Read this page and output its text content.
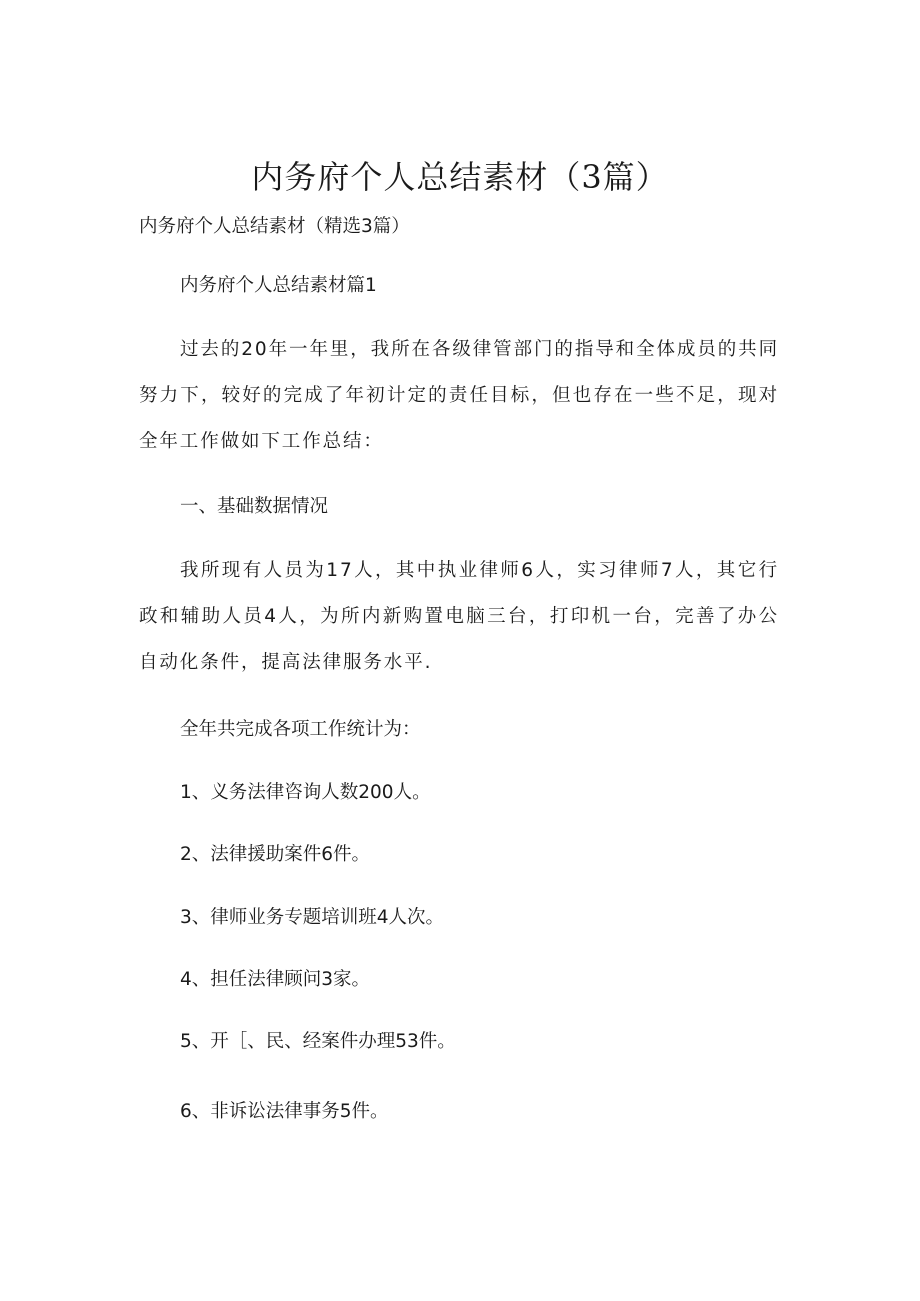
内务府个人总结素材（3篇）

内务府个人总结素材（精选3篇）

内务府个人总结素材篇1

过去的20年一年里，我所在各级律管部门的指导和全体成员的共同努力下，较好的完成了年初计定的责任目标，但也存在一些不足，现对全年工作做如下工作总结：

一、基础数据情况

我所现有人员为17人，其中执业律师6人，实习律师7人，其它行政和辅助人员4人，为所内新购置电脑三台，打印机一台，完善了办公自动化条件，提高法律服务水平.

全年共完成各项工作统计为：

1、义务法律咨询人数200人。

2、法律援助案件6件。

3、律师业务专题培训班4人次。

4、担任法律顾问3家。

5、开［、民、经案件办理53件。

6、非诉讼法律事务5件。
